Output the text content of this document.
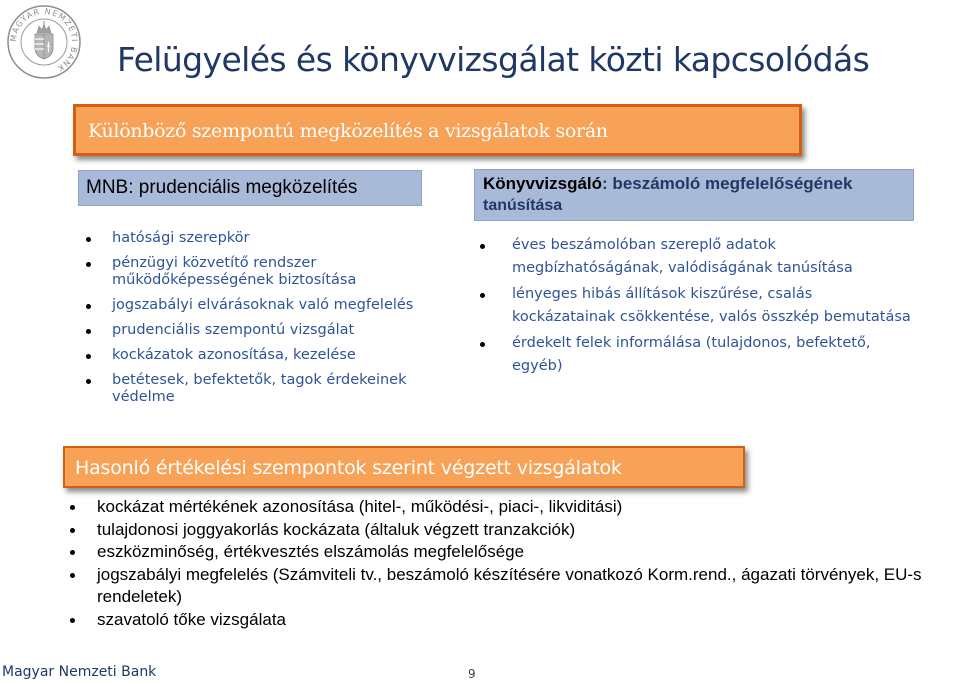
MAGYAR NEMZETI BANK	Felügyelés és könyvvizsgálat közti kapcsolódás
Különböző szempontú megközelítés a vizsgálatok során
MNB: prudenciális megközelítés	Könyvvizsgáló: beszámoló megfelelőségének
tanúsítása
hatósági szerepkör
pénzügyi közvetítő rendszer működőképességének biztosítása
jogszabályi elvárásoknak való megfelelés
prudenciális szempontú vizsgálat
kockázatok azonosítása, kezelése
betétesek, befektetők, tagok érdekeinek védelme
éves beszámolóban szereplő adatok megbízhatóságának, valódiságának tanúsítása
lényeges hibás állítások kiszűrése, csalás kockázatainak csökkentése, valós összkép bemutatása
érdekelt felek informálása (tulajdonos, befektető, egyéb)
Hasonló értékelési szempontok szerint végzett vizsgálatok
kockázat mértékének azonosítása (hitel-, működési-, piaci-, likviditási)
tulajdonosi joggyakorlás kockázata (általuk végzett tranzakciók)
eszközminőség, értékvesztés elszámolás megfelelősége
jogszabályi megfelelés (Számviteli tv., beszámoló készítésére vonatkozó Korm.rend., ágazati törvények, EU-s rendeletek)
szavatoló tőke vizsgálata
Magyar Nemzeti Bank	9
